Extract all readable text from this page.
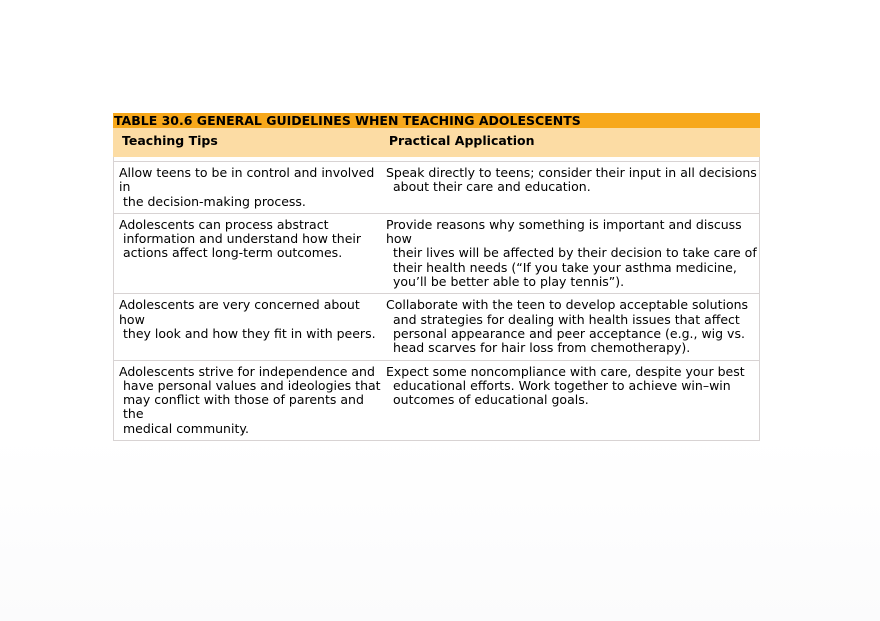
TABLE 30.6 GENERAL GUIDELINES WHEN TEACHING ADOLESCENTS
Teaching Tips	Practical Application
Allow teens to be in control and involved in
the decision-making process.
Speak directly to teens; consider their input in all decisions
about their care and education.
Adolescents can process abstract
information and understand how their
actions affect long-term outcomes.
Provide reasons why something is important and discuss how
their lives will be affected by their decision to take care of
their health needs (“If you take your asthma medicine,
you’ll be better able to play tennis”).
Adolescents are very concerned about how
they look and how they fit in with peers.
Collaborate with the teen to develop acceptable solutions
and strategies for dealing with health issues that affect
personal appearance and peer acceptance (e.g., wig vs.
head scarves for hair loss from chemotherapy).
Adolescents strive for independence and
have personal values and ideologies that
may conflict with those of parents and the
medical community.
Expect some noncompliance with care, despite your best
educational efforts. Work together to achieve win–win
outcomes of educational goals.
